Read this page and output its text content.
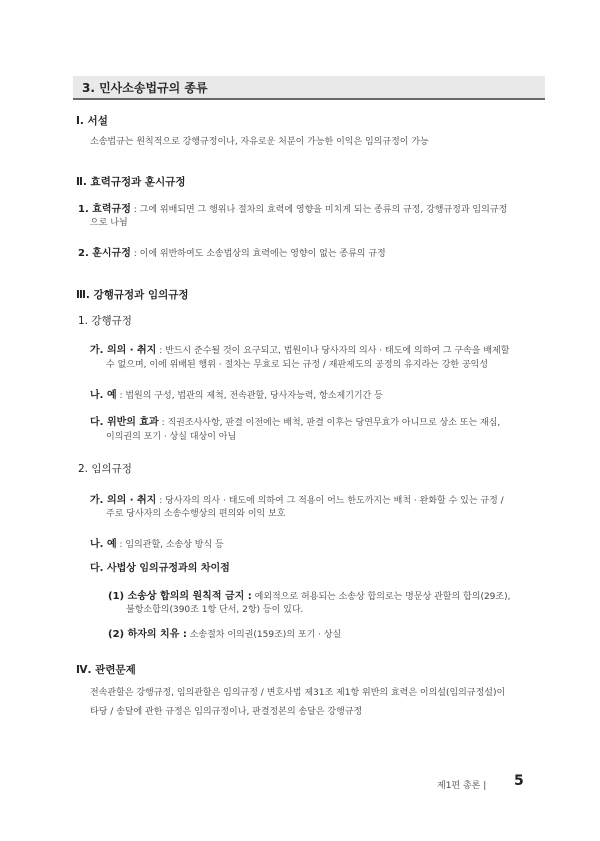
3. 민사소송법규의 종류
Ⅰ. 서설
소송법규는 원칙적으로 강행규정이나, 자유로운 처분이 가능한 이익은 임의규정이 가능
Ⅱ. 효력규정과 훈시규정
1. 효력규정 : 그에 위배되면 그 행위나 절차의 효력에 영향을 미치게 되는 종류의 규정, 강행규정과 임의규정
으로 나뉨
2. 훈시규정 : 이에 위반하여도 소송법상의 효력에는 영향이 없는 종류의 규정
Ⅲ. 강행규정과 임의규정
1. 강행규정
가. 의의 · 취지 : 반드시 준수될 것이 요구되고, 법원이나 당사자의 의사 · 태도에 의하여 그 구속을 배제할
수 없으며, 이에 위배된 행위 · 절차는 무효로 되는 규정 / 재판제도의 공정의 유지라는 강한 공익성
나. 예 : 법원의 구성, 법관의 제척, 전속관할, 당사자능력, 항소제기기간 등
다. 위반의 효과 : 직권조사사항, 판결 이전에는 배척, 판결 이후는 당연무효가 아니므로 상소 또는 재심,
이의권의 포기 · 상실 대상이 아님
2. 임의규정
가. 의의 · 취지 : 당사자의 의사 · 태도에 의하여 그 적용이 어느 한도까지는 배척 · 완화할 수 있는 규정 /
주로 당사자의 소송수행상의 편의와 이익 보호
나. 예 : 임의관할, 소송상 방식 등
다. 사법상 임의규정과의 차이점
(1) 소송상 합의의 원칙적 금지 : 예외적으로 허용되는 소송상 합의로는 명문상 관할의 합의(29조),
불항소합의(390조 1항 단서, 2항) 등이 있다.
(2) 하자의 치유 : 소송절차 이의권(159조)의 포기 · 상실
Ⅳ. 관련문제
전속관할은 강행규정, 임의관할은 임의규정 / 변호사법 제31조 제1항 위반의 효력은 이의설(임의규정설)이
타당 / 송달에 관한 규정은 임의규정이나, 판결정본의 송달은 강행규정
제1편 총론 | 5
